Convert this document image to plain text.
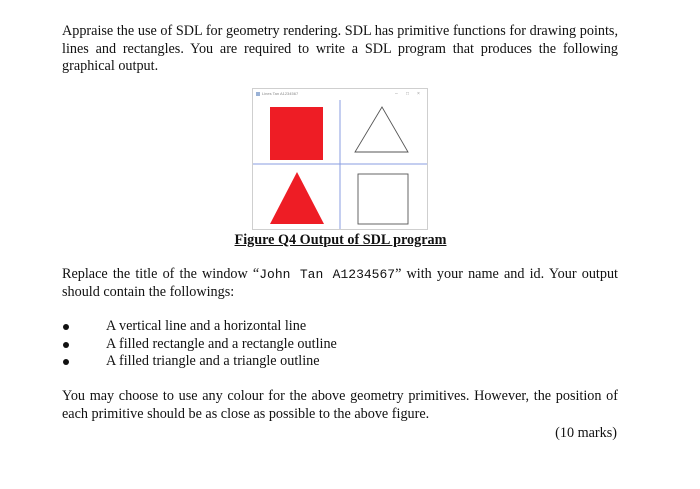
Appraise the use of SDL for geometry rendering. SDL has primitive functions for drawing points, lines and rectangles. You are required to write a SDL program that produces the following graphical output.

Lines Tan A1234567	– □ ×
Figure Q4 Output of SDL program

Replace the title of the window “John Tan A1234567” with your name and id. Your output should contain the followings:

A vertical line and a horizontal line
A filled rectangle and a rectangle outline
A filled triangle and a triangle outline

You may choose to use any colour for the above geometry primitives. However, the position of each primitive should be as close as possible to the above figure.

(10 marks)
